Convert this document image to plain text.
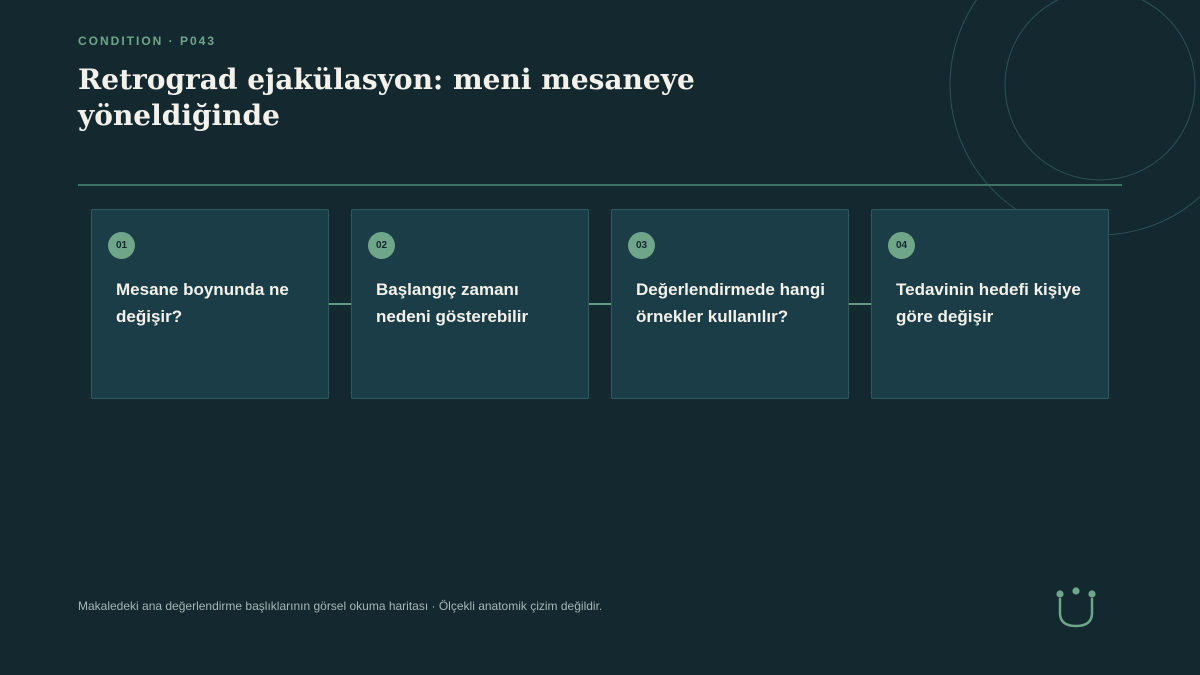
CONDITION · P043
Retrograd ejakülasyon: meni mesaneye yöneldiğinde
01
Mesane boynunda ne değişir?
02
Başlangıç zamanı nedeni gösterebilir
03
Değerlendirmede hangi örnekler kullanılır?
04
Tedavinin hedefi kişiye göre değişir
Makaledeki ana değerlendirme başlıklarının görsel okuma haritası · Ölçekli anatomik çizim değildir.
